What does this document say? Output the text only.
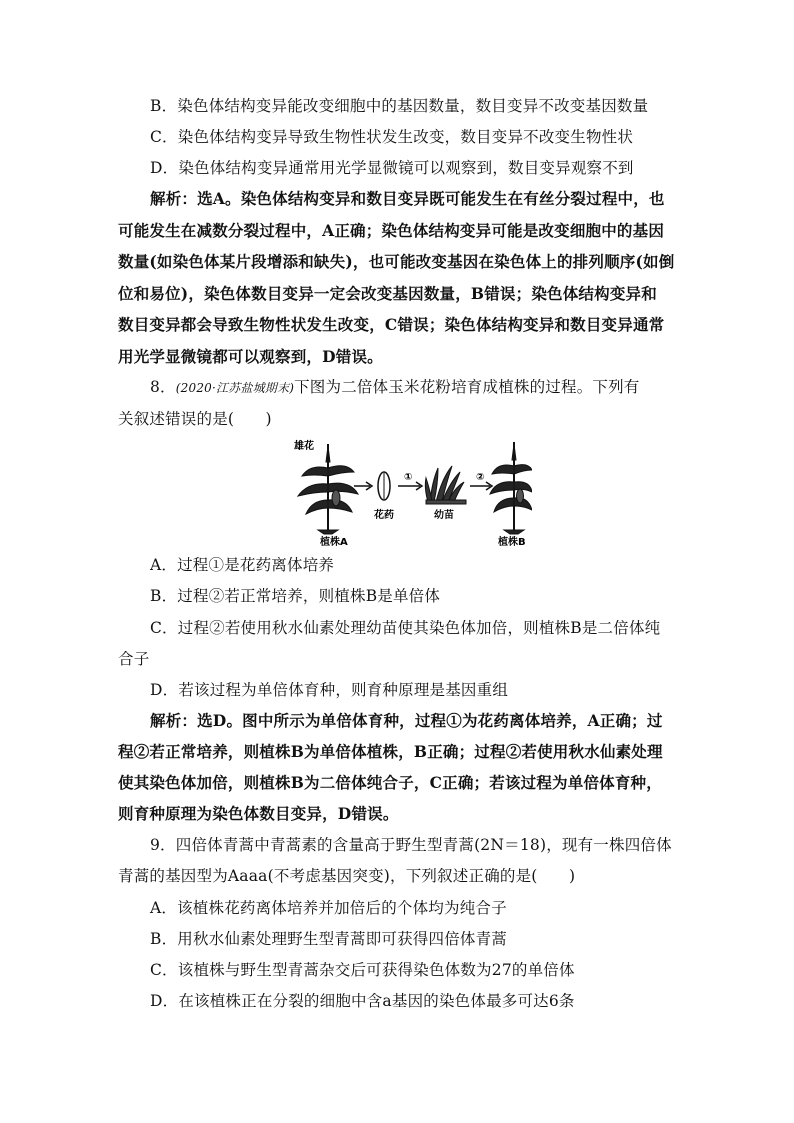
B．染色体结构变异能改变细胞中的基因数量，数目变异不改变基因数量
C．染色体结构变异导致生物性状发生改变，数目变异不改变生物性状
D．染色体结构变异通常用光学显微镜可以观察到，数目变异观察不到
解析：选A。染色体结构变异和数目变异既可能发生在有丝分裂过程中，也
可能发生在减数分裂过程中，A正确；染色体结构变异可能是改变细胞中的基因
数量(如染色体某片段增添和缺失)，也可能改变基因在染色体上的排列顺序(如倒
位和易位)，染色体数目变异一定会改变基因数量，B错误；染色体结构变异和
数目变异都会导致生物性状发生改变，C错误；染色体结构变异和数目变异通常
用光学显微镜都可以观察到，D错误。
8．(2020·江苏盐城期末)下图为二倍体玉米花粉培育成植株的过程。下列有
关叙述错误的是(　　)
雄花
植株A
花药
①
幼苗
②
植株B
A．过程①是花药离体培养
B．过程②若正常培养，则植株B是单倍体
C．过程②若使用秋水仙素处理幼苗使其染色体加倍，则植株B是二倍体纯
合子
D．若该过程为单倍体育种，则育种原理是基因重组
解析：选D。图中所示为单倍体育种，过程①为花药离体培养，A正确；过
程②若正常培养，则植株B为单倍体植株，B正确；过程②若使用秋水仙素处理
使其染色体加倍，则植株B为二倍体纯合子，C正确；若该过程为单倍体育种，
则育种原理为染色体数目变异，D错误。
9．四倍体青蒿中青蒿素的含量高于野生型青蒿(2N＝18)，现有一株四倍体
青蒿的基因型为Aaaa(不考虑基因突变)，下列叙述正确的是(　　)
A．该植株花药离体培养并加倍后的个体均为纯合子
B．用秋水仙素处理野生型青蒿即可获得四倍体青蒿
C．该植株与野生型青蒿杂交后可获得染色体数为27的单倍体
D．在该植株正在分裂的细胞中含a基因的染色体最多可达6条
